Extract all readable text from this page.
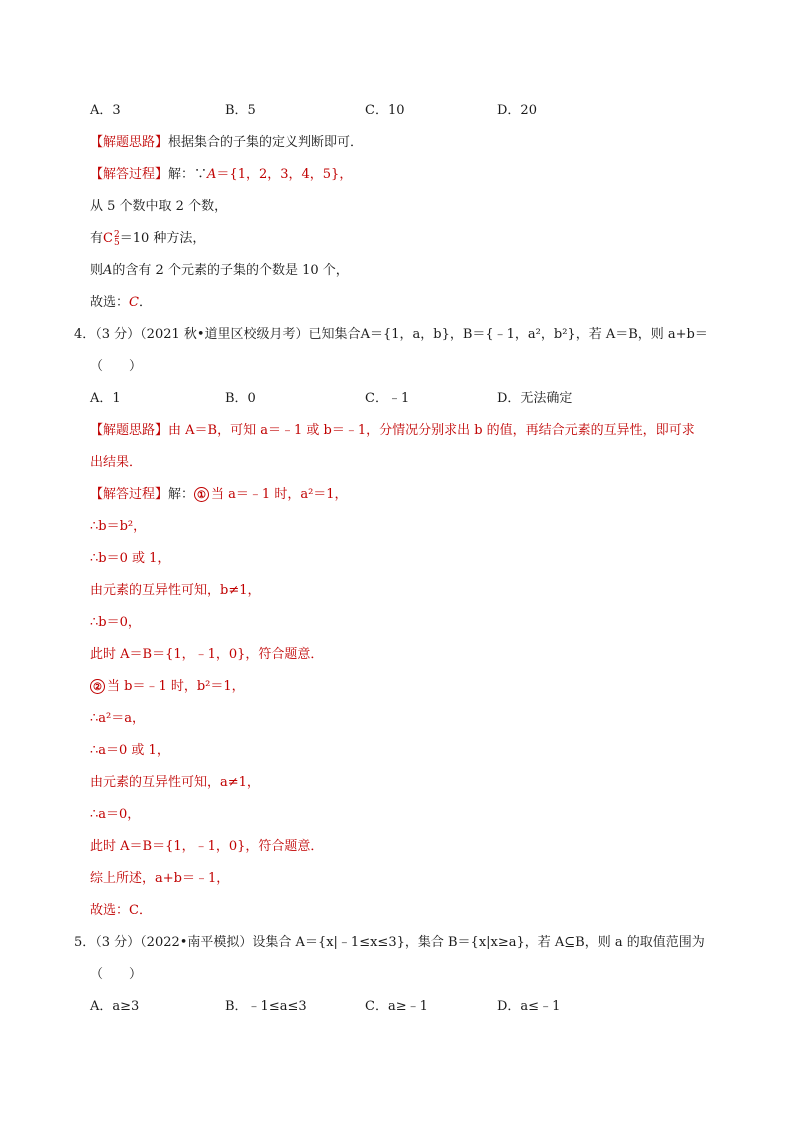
A．3	B．5	C．10	D．20
【解题思路】根据集合的子集的定义判断即可．
【解答过程】解：∵A＝{1，2，3，4，5}，
从 5 个数中取 2 个数，
有C 2
5 ＝10 种方法，
则A的含有 2 个元素的子集的个数是 10 个，
故选：C．
4．（3 分）（2021 秋•道里区校级月考）已知集合A＝{1，a，b}，B＝{﹣1，a²，b²}，若 A＝B，则 a+b＝
（　　）
A．1	B．0	C．﹣1	D．无法确定
【解题思路】由 A＝B，可知 a＝﹣1 或 b＝﹣1，分情况分别求出 b 的值，再结合元素的互异性，即可求
出结果．
【解答过程】解： ① 当 a＝﹣1 时，a²＝1，
∴b＝b²，
∴b＝0 或 1，
由元素的互异性可知，b≠1，
∴b＝0，
此时 A＝B＝{1，﹣1，0}，符合题意．
② 当 b＝﹣1 时，b²＝1，
∴a²＝a，
∴a＝0 或 1，
由元素的互异性可知，a≠1，
∴a＝0，
此时 A＝B＝{1，﹣1，0}，符合题意．
综上所述，a+b＝﹣1，
故选：C．
5．（3 分）（2022•南平模拟）设集合 A＝{x|﹣1≤x≤3}，集合 B＝{x|x≥a}，若 A⊆B，则 a 的取值范围为
（　　）
A．a≥3	B．﹣1≤a≤3	C．a≥﹣1	D．a≤﹣1
